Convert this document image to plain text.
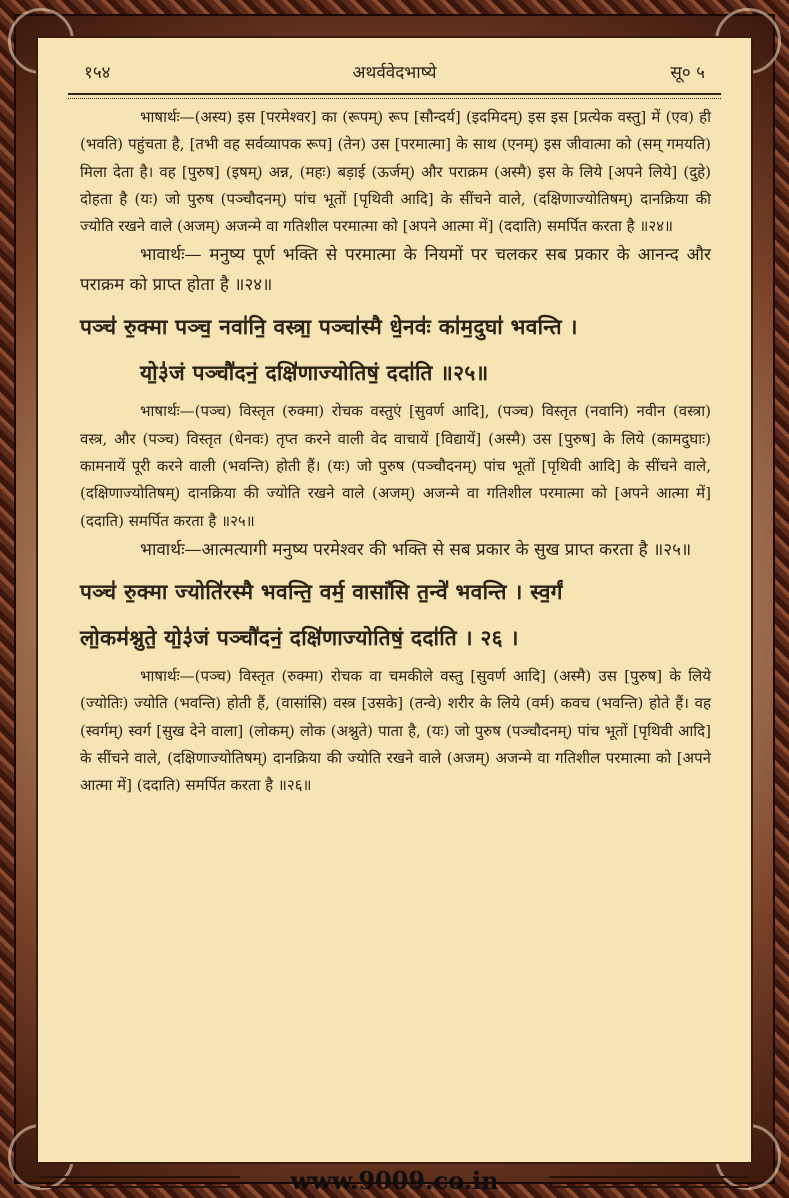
१५४	अथर्ववेदभाष्ये	सू० ५

भाषार्थः—(अस्य) इस [परमेश्वर] का (रूपम्) रूप [सौन्दर्य] (इदमिदम्) इस इस [प्रत्येक वस्तु] में (एव) ही (भवति) पहुंचता है, [तभी वह सर्वव्यापक रूप] (तेन) उस [परमात्मा] के साथ (एनम्) इस जीवात्मा को (सम् गमयति) मिला देता है। वह [पुरुष] (इषम्) अन्न, (महः) बड़ाई (ऊर्जम्) और पराक्रम (अस्मै) इस के लिये [अपने लिये] (दुहे) दोहता है (यः) जो पुरुष (पञ्चौदनम्) पांच भूतों [पृथिवी आदि] के सींचने वाले, (दक्षिणाज्योतिषम्) दानक्रिया की ज्योति रखने वाले (अजम्) अजन्मे वा गतिशील परमात्मा को [अपने आत्मा में] (ददाति) समर्पित करता है ॥२४॥

भावार्थः— मनुष्य पूर्ण भक्ति से परमात्मा के नियमों पर चलकर सब प्रकार के आनन्द और पराक्रम को प्राप्त होता है ॥२४॥

पञ्च॑ रु॒क्मा पञ्च॒ नवा॑नि॒ वस्त्रा॒ पञ्चा॑स्मै धे॒नवः॑ का॑म॒दुघा॑ भवन्ति ।
यो॒३॑॑जं पञ्चौ॑दनं॒ दक्षि॑णाज्योतिषं॒ ददा॑ति ॥२५॥

भाषार्थः—(पञ्च) विस्तृत (रुक्मा) रोचक वस्तुएं [सुवर्ण आदि], (पञ्च) विस्तृत (नवानि) नवीन (वस्त्रा) वस्त्र, और (पञ्च) विस्तृत (धेनवः) तृप्त करने वाली वेद वाचायें [विद्यायें] (अस्मै) उस [पुरुष] के लिये (कामदुघाः) कामनायें पूरी करने वाली (भवन्ति) होती हैं। (यः) जो पुरुष (पञ्चौदनम्) पांच भूतों [पृथिवी आदि] के सींचने वाले, (दक्षिणाज्योतिषम्) दानक्रिया की ज्योति रखने वाले (अजम्) अजन्मे वा गतिशील परमात्मा को [अपने आत्मा में] (ददाति) समर्पित करता है ॥२५॥

भावार्थः—आत्मत्यागी मनुष्य परमेश्वर की भक्ति से सब प्रकार के सुख प्राप्त करता है ॥२५॥

पञ्च॑ रु॒क्मा ज्योति॑रस्मै भवन्ति॒ वर्म॒ वासां॑सि त॒न्वे॑ भवन्ति । स्व॒र्गं
लो॒कम॑श्नुते॒ यो॒३॑॑जं पञ्चौ॑दनं॒ दक्षि॑णाज्योतिषं॒ ददा॑ति । २६ ।

भाषार्थः—(पञ्च) विस्तृत (रुक्मा) रोचक वा चमकीले वस्तु [सुवर्ण आदि] (अस्मै) उस [पुरुष] के लिये (ज्योतिः) ज्योति (भवन्ति) होती हैं, (वासांसि) वस्त्र [उसके] (तन्वे) शरीर के लिये (वर्म) कवच (भवन्ति) होते हैं। वह (स्वर्गम्) स्वर्ग [सुख देने वाला] (लोकम्) लोक (अश्नुते) पाता है, (यः) जो पुरुष (पञ्चौदनम्) पांच भूतों [पृथिवी आदि] के सींचने वाले, (दक्षिणाज्योतिषम्) दानक्रिया की ज्योति रखने वाले (अजम्) अजन्मे वा गतिशील परमात्मा को [अपने आत्मा में] (ददाति) समर्पित करता है ॥२६॥

www.9009.co.in
